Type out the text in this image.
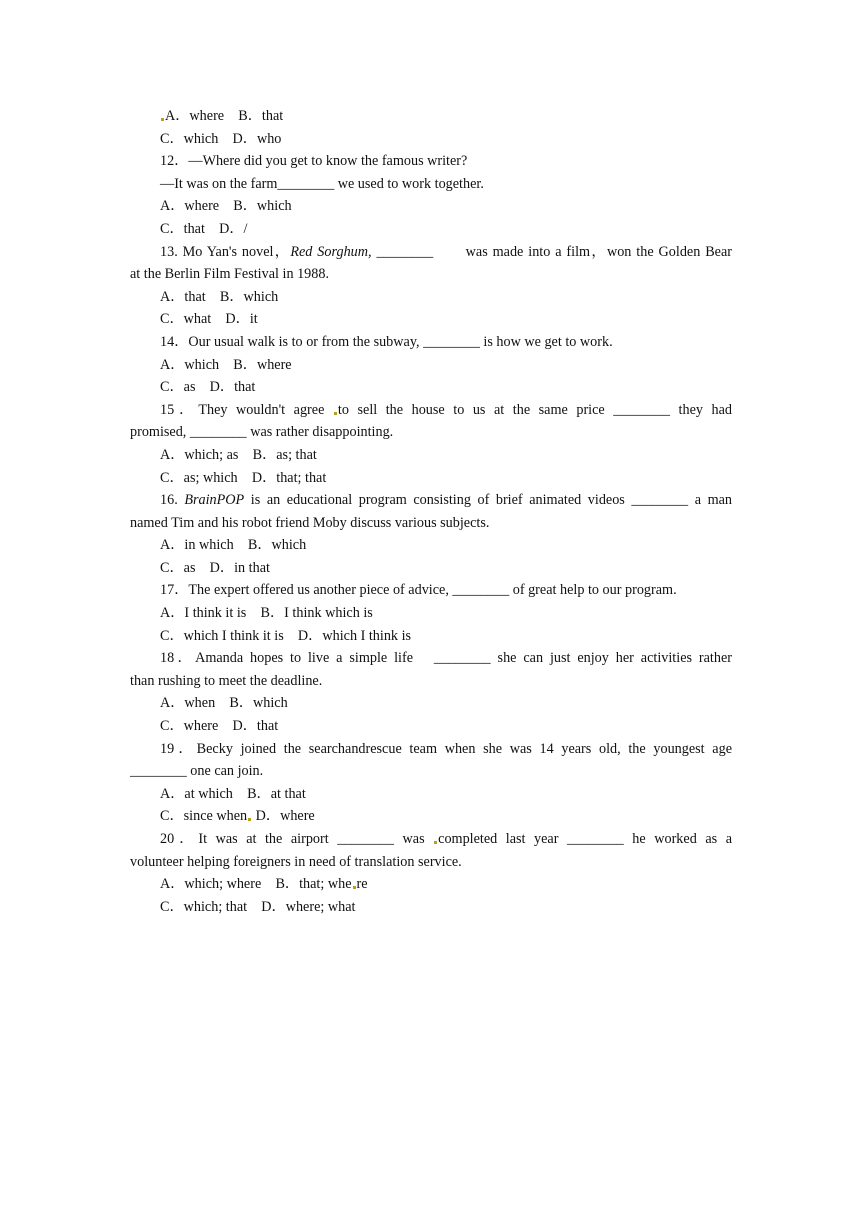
A．where　B．that
C．which　D．who
12．—Where did you get to know the famous writer?
—It was on the farm________ we used to work together.
A．where　B．which
C．that　D．/
13. Mo Yan's novel，Red Sorghum, ________　　was made into a film，won the Golden Bear
at the Berlin Film Festival in 1988.
A．that　B．which
C．what　D．it
14．Our usual walk is to or from the subway, ________ is how we get to work.
A．which　B．where
C．as　D．that
15．They wouldn't agree to sell the house to us at the same price ________ they had
promised, ________ was rather disappointing.
A．which; as　B．as; that
C．as; which　D．that; that
16. BrainPOP is an educational program consisting of brief animated videos ________ a man
named Tim and his robot friend Moby discuss various subjects.
A．in which　B．which
C．as　D．in that
17．The expert offered us another piece of advice, ________ of great help to our program.
A．I think it is　B．I think which is
C．which I think it is　D．which I think is
18．Amanda hopes to live a simple life　________ she can just enjoy her activities rather
than rushing to meet the deadline.
A．when　B．which
C．where　D．that
19．Becky joined the searchandrescue team when she was 14 years old, the youngest age
________ one can join.
A．at which　B．at that
C．since when D．where
20．It was at the airport ________ was completed last year ________ he worked as a
volunteer helping foreigners in need of translation service.
A．which; where　B．that; whe re
C．which; that　D．where; what
